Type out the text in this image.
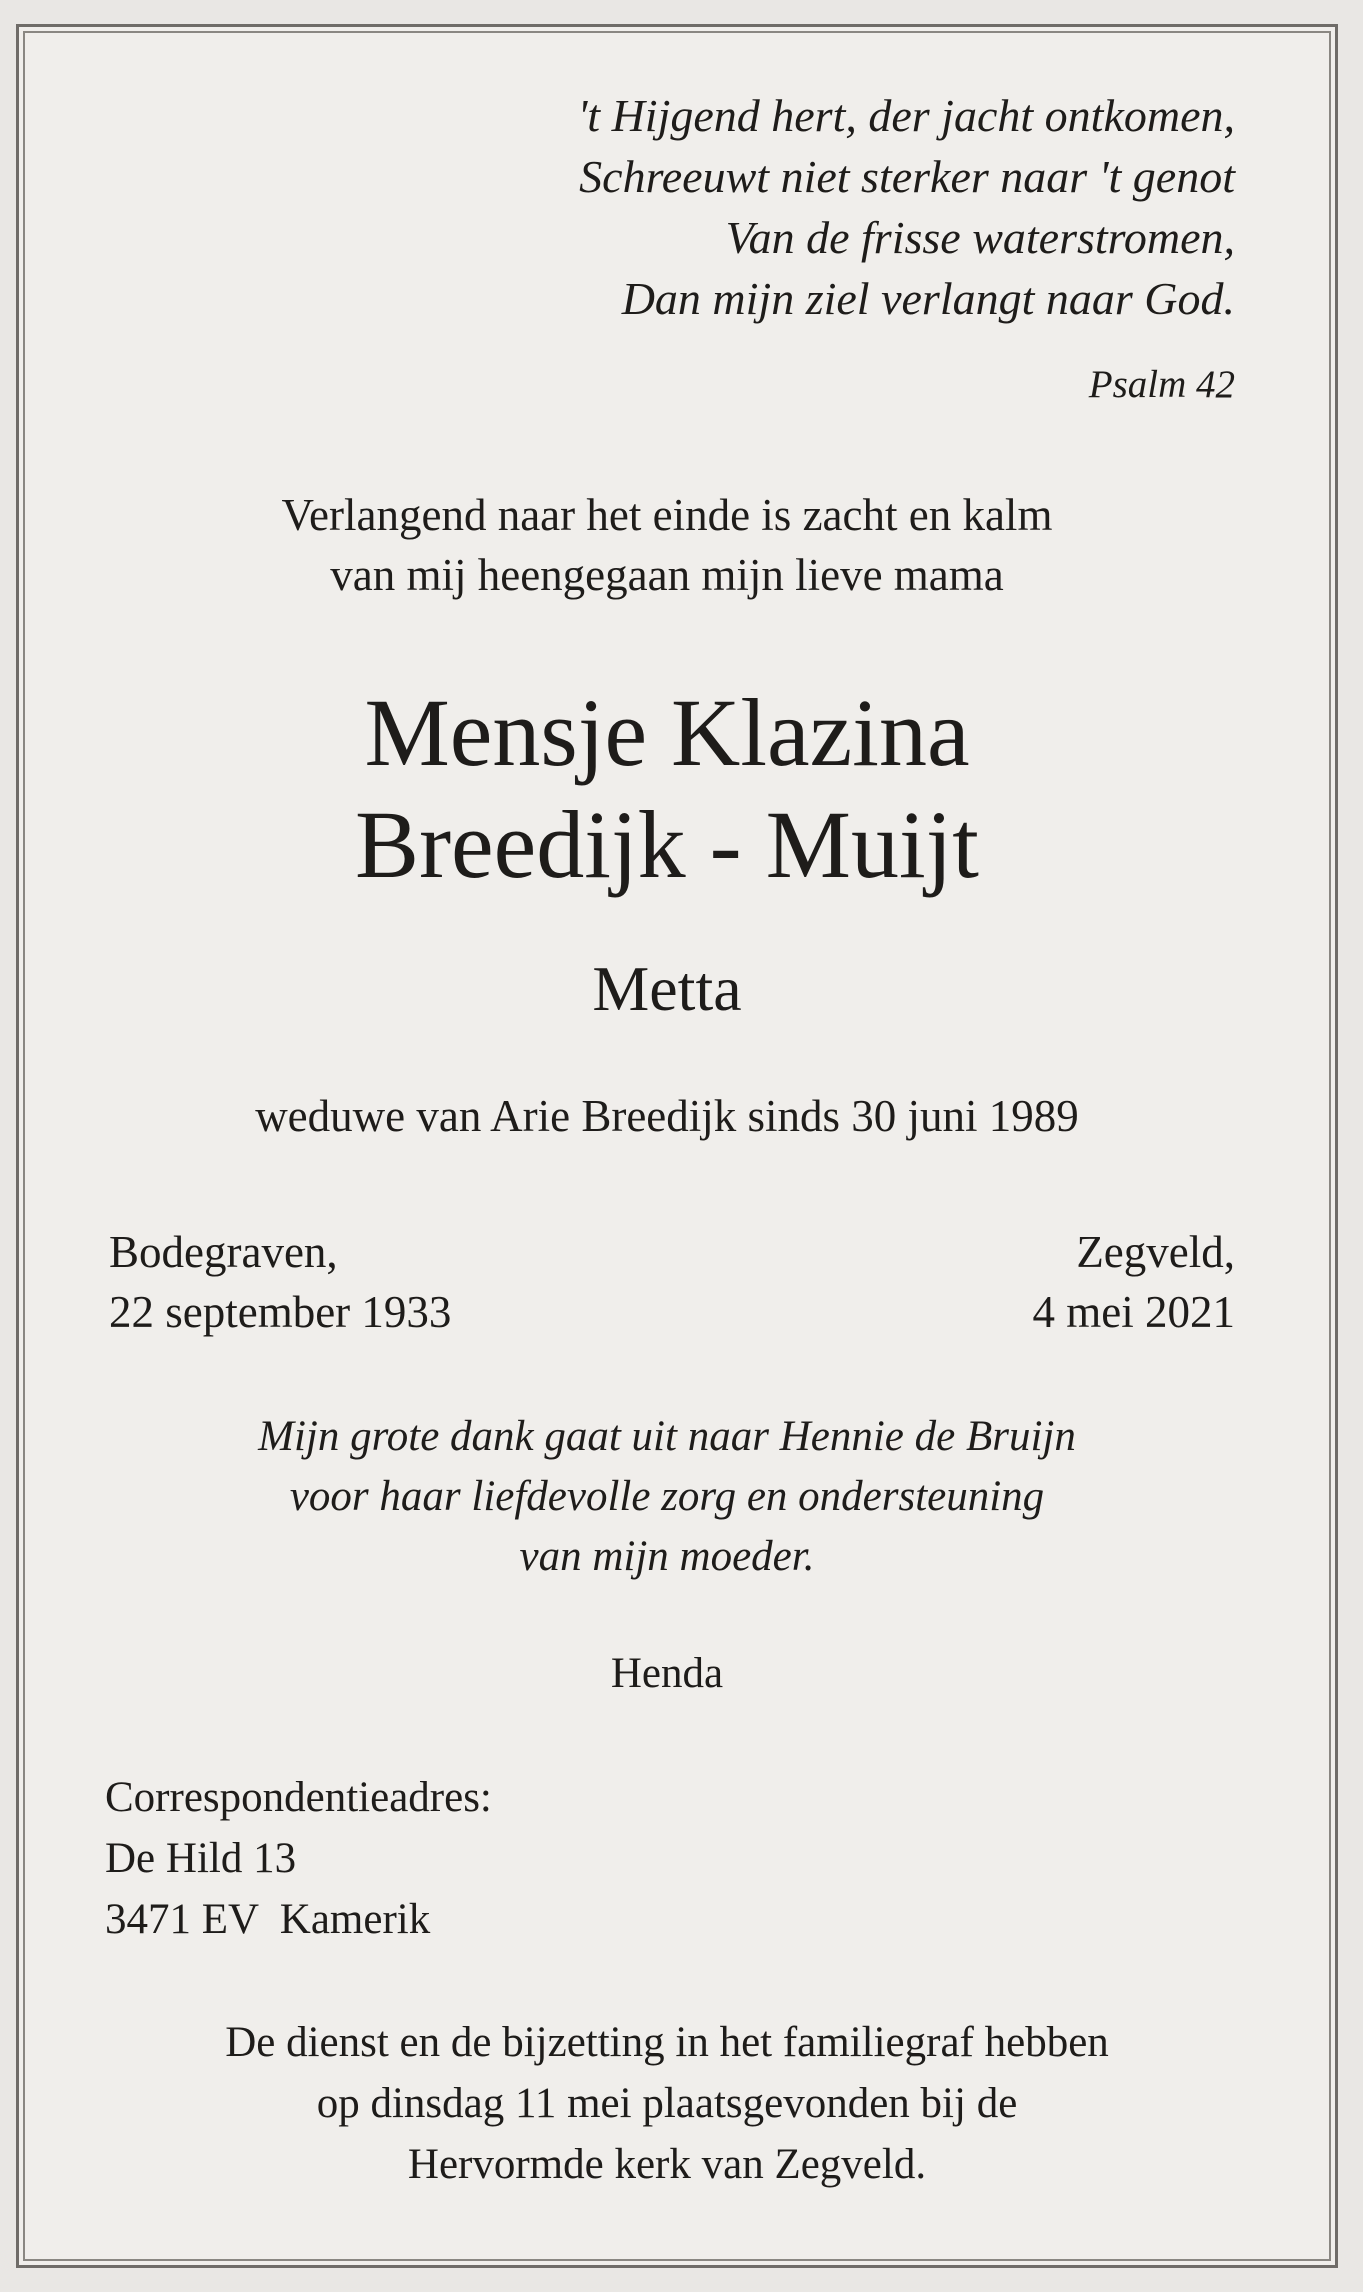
't Hijgend hert, der jacht ontkomen,
Schreeuwt niet sterker naar 't genot
Van de frisse waterstromen,
Dan mijn ziel verlangt naar God.
Psalm 42
Verlangend naar het einde is zacht en kalm
van mij heengegaan mijn lieve mama
Mensje Klazina
Breedijk - Muijt
Metta
weduwe van Arie Breedijk sinds 30 juni 1989
Bodegraven,
22 september 1933
Zegveld,
4 mei 2021
Mijn grote dank gaat uit naar Hennie de Bruijn
voor haar liefdevolle zorg en ondersteuning
van mijn moeder.
Henda
Correspondentieadres:
De Hild 13
3471 EV  Kamerik
De dienst en de bijzetting in het familiegraf hebben
op dinsdag 11 mei plaatsgevonden bij de
Hervormde kerk van Zegveld.
